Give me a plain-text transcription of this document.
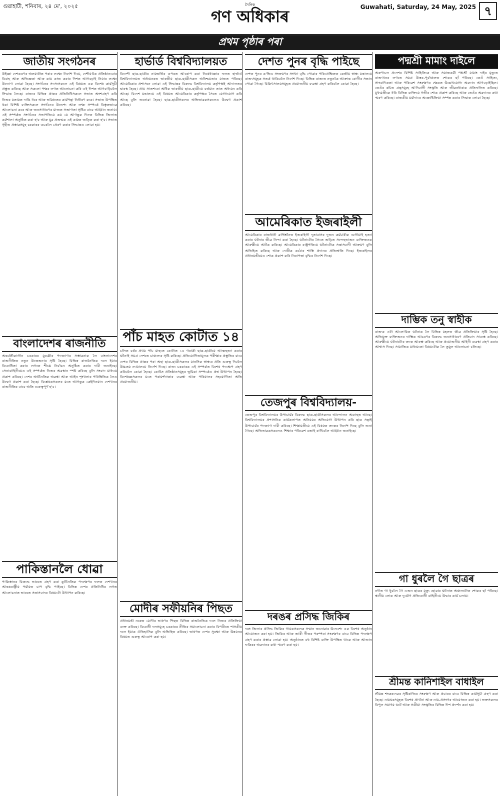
গুৱাহাটী, শনিবাৰ, ২৪ মে', ২০২৫	দৈনিক
গণ অধিকাৰ	Guwahati, Saturday, 24 May, 2025 ৭
প্ৰথম পৃষ্ঠাৰ পৰা
জাতীয় সংগঠনৰ
উইজ্ঞা দেশকৰণৰ অলমাৰীত পৰাৰ লক্ষ্যে নিৰ্দেশ দিয়ে, দেশীয়াকৈ প্ৰতিষ্ঠানবোৰ বিবাহ আৰু অভিজ্ঞতা আৰু কাম কাজ কৰাৰ দিশত আগবঢ়াই নিয়াৰ লক্ষ্যে উদ্যোগ লোৱা হৈছে। সংগঠনৰ সদস্যসকলে এই বিষয়ত এক বিশেষ কাৰ্যসূচী প্ৰস্তুত কৰিছে আৰু সকলো পক্ষৰ লগত আলোচনা কৰি এই দিশত আগবাঢ়িবলৈ সিদ্ধান্ত লৈছে। ৰাজ্যৰ বিভিন্ন প্ৰান্তৰ প্ৰতিনিধিসকলে সভাত অংশগ্ৰহণ কৰি নিজৰ মতামত দাঙি ধৰে আৰু ভৱিষ্যতৰ কাৰ্যপন্থা নিৰ্ধাৰণ কৰে। সভাত উপস্থিত থকা বিশিষ্ট ব্যক্তিসকলে সংগঠনৰ উদ্দেশ্য আৰু লক্ষ্য সম্পৰ্কে বিস্তৃতভাৱে আলোচনা কৰে আৰু জনসাধাৰণৰ মাজত সজাগতা সৃষ্টিৰ বাবে আহ্বান জনায়। এই সম্পৰ্কত সংগঠনৰ সভাপতিয়ে কয় যে আগন্তুক দিনত বিভিন্ন জিলাত কৰ্মশালা অনুষ্ঠিত কৰা হ'ব আৰু যুৱ প্ৰজন্মক এই কামত জড়িত কৰা হ'ব। সভাত গৃহীত প্ৰস্তাৱসমূহ চৰকাৰৰ ওচৰলৈ প্ৰেৰণ কৰাৰ সিদ্ধান্তও লোৱা হয়।
বাংলাদেশৰ ৰাজনীতি
অন্তৰ্বৰ্তীকালীন চৰকাৰৰ মুৰব্বীৰ পদত্যাগৰ সম্ভাৱনাক লৈ বাংলাদেশৰ ৰাজনীতিত নতুন উত্তেজনাৰ সৃষ্টি হৈছে। বিভিন্ন ৰাজনৈতিক দলে ইয়াৰ বিৰোধিতা কৰাৰ লগতে শীঘ্ৰে নিৰ্বাচন অনুষ্ঠিত কৰাৰ দাবী জনাইছে। সেনাবাহিনীয়েও এই সম্পৰ্কত নিজৰ অৱস্থান স্পষ্ট কৰিছে বুলি সংবাদ মাধ্যমে প্ৰকাশ কৰিছে। দেশৰ অৰ্থনৈতিক অৱস্থা আৰু আইন শৃংখলাৰ পৰিস্থিতিক লৈও উদ্বেগ প্ৰকাশ কৰা হৈছে। বিশ্লেষকসকলৰ মতে আগন্তুক কেইদিনমান দেশখনৰ ৰাজনীতিৰ বাবে অতি গুৰুত্বপূৰ্ণ হ'ব।
পাকিস্তানলৈ ধোৱা
পাকিস্তানৰ বিৰুদ্ধে ভাৰতে গ্ৰহণ কৰা কূটনৈতিক পদক্ষেপৰ ফলত দেশখনৰ আন্তঃৰাষ্ট্ৰীয় পৰ্যায়ত চাপ বৃদ্ধি পাইছে। বিভিন্ন দেশৰ প্ৰতিনিধিৰ লগত আলোচনাত ভাৰতে সন্ত্ৰাসবাদৰ বিষয়টো উত্থাপন কৰিছে।
হাৰ্ভাৰ্ড বিশ্ববিদ্যালয়ত
বিদেশী ছাত্ৰ-ছাত্ৰীৰ নামভৰ্তিৰ ওপৰত আৰোপ কৰা নিষেধাজ্ঞাৰ ফলত হাৰ্ভাৰ্ড বিশ্ববিদ্যালয়ত অধ্যয়নৰত ভাৰতীয় ছাত্ৰ-ছাত্ৰীসকল অনিশ্চয়তাৰ মাজত পৰিছে। আমেৰিকাৰ প্ৰশাসনে লোৱা এই সিদ্ধান্তৰ বিৰুদ্ধে বিশ্ববিদ্যালয় কৰ্তৃপক্ষই আদালতৰ দ্বাৰস্থ হৈছে। প্ৰায় সাতশৰো অধিক ভাৰতীয় ছাত্ৰ-ছাত্ৰীয়ে বৰ্তমান তাত অধ্যয়ন কৰি আছে। বিদেশ মন্ত্ৰালয়ে এই বিষয়ত আমেৰিকাৰ কৰ্তৃপক্ষৰ সৈতে যোগাযোগ কৰি আছে বুলি জনোৱা হৈছে। ছাত্ৰ-ছাত্ৰীসকলৰ অভিভাৱকসকলেও উদ্বেগ প্ৰকাশ কৰিছে।
পাঁচ মাহত কোটাত ১৪
চলিত বৰ্ষৰ প্ৰথম পাঁচ মাহতে কোটাত ১৪ গৰাকী ছাত্ৰ-ছাত্ৰীয়ে আত্মহত্যা কৰাৰ ঘটনাই সমগ্ৰ দেশতে চাঞ্চল্যৰ সৃষ্টি কৰিছে। প্ৰতিযোগিতামূলক পৰীক্ষাৰ প্ৰস্তুতিৰ বাবে দেশৰ বিভিন্ন প্ৰান্তৰ পৰা অহা ছাত্ৰ-ছাত্ৰীসকলৰ মানসিক স্বাস্থ্যৰ প্ৰতি গুৰুত্ব দিবলৈ উচ্চতম ন্যায়ালয়ে নিৰ্দেশ দিছে। ৰাজ্য চৰকাৰক এই সম্পৰ্কত বিশেষ পদক্ষেপ গ্ৰহণ কৰিবলৈ কোৱা হৈছে। কোচিং প্ৰতিষ্ঠানসমূহৰ ভূমিকা সম্পৰ্কেও প্ৰশ্ন উত্থাপন হৈছে। বিশেষজ্ঞসকলৰ মতে পৰামৰ্শদাতাৰ ব্যৱস্থা আৰু পৰিয়ালৰ সহযোগিতা অতি প্ৰয়োজনীয়।
মোদীৰ সফীয়নিৰ পিছত
প্ৰধানমন্ত্ৰী নৰেন্দ্ৰ মোদীৰ ভাষণৰ পিছত বিভিন্ন ৰাজনৈতিক দলে নিজৰ প্ৰতিক্ৰিয়া ব্যক্ত কৰিছে। বিৰোধী দলসমূহে চৰকাৰৰ নীতিৰ সমালোচনা কৰাৰ বিপৰীতে শাসকীয় দলে ইয়াক ঐতিহাসিক বুলি অভিহিত কৰিছে। ভাষণত দেশৰ সুৰক্ষা আৰু উন্নয়নৰ বিষয়ত গুৰুত্ব আৰোপ কৰা হয়।
দেশত পুনৰ বৃদ্ধি পাইছে
দেশত পুনৰ ক'ভিড সংক্ৰমণৰ সংখ্যা বৃদ্ধি পোৱাৰ পৰিপ্ৰেক্ষিতত কেন্দ্ৰীয় স্বাস্থ্য মন্ত্ৰালয়ে ৰাজ্যসমূহক সতৰ্ক থাকিবলৈ নিৰ্দেশ দিছে। বিভিন্ন ৰাজ্যত নতুনকৈ আক্ৰান্ত ৰোগীৰ সন্ধান পোৱা গৈছে। চিকিৎসালয়সমূহত প্ৰয়োজনীয় ব্যৱস্থা গ্ৰহণ কৰিবলৈ কোৱা হৈছে।
আমেৰিকাত ইজৰাইলী
আমেৰিকাৰ ৰাজধানী ৱাশ্বিংটনত ইজৰাইলী দূতাবাসৰ দুজন কৰ্মচাৰীক গুলীয়াই হত্যা কৰাৰ ঘটনাৰ তীব্ৰ নিন্দা কৰা হৈছে। ঘটনাটোৰ সৈতে জড়িত সন্দেহভাজন ব্যক্তিজনক আৰক্ষীয়ে আটক কৰিছে। আমেৰিকাৰ ৰাষ্ট্ৰপতিয়ে ঘটনাটোক সন্ত্ৰাসবাদী আক্ৰমণ বুলি অভিহিত কৰিছে আৰু দোষীক কঠোৰ শাস্তি প্ৰদানৰ প্ৰতিশ্ৰুতি দিছে। ইজৰাইলৰ প্ৰধানমন্ত্ৰীয়েও শোক প্ৰকাশ কৰি নিৰাপত্তা বৃদ্ধিৰ নিৰ্দেশ দিছে।
তেজপুৰ বিশ্ববিদ্যালয়-
তেজপুৰ বিশ্ববিদ্যালয়ৰ উপাচাৰ্যৰ বিৰুদ্ধে ছাত্ৰ-ছাত্ৰীসকলৰ আন্দোলন অব্যাহত আছে। বিশ্ববিদ্যালয়ৰ প্ৰশাসনিক কাৰ্যকলাপত অনিয়মৰ অভিযোগ উত্থাপন কৰি ছাত্ৰ সন্থাই উপাচাৰ্যৰ পদত্যাগ দাবী কৰিছে। শিক্ষামন্ত্ৰীয়ে এই বিষয়ত তদন্তৰ নিৰ্দেশ দিছে বুলি জনা গৈছে। অভিভাৱকসকলেও শিক্ষাৰ পৰিৱেশ বজাই ৰাখিবলৈ আহ্বান জনাইছে।
দৰঙৰ প্ৰসিদ্ধ জিকিৰ
দৰং জিলাৰ প্ৰসিদ্ধ জিকিৰ গায়কসকলক সন্মান জনোৱাৰ উদ্দেশ্যে এক বিশেষ অনুষ্ঠান আয়োজন কৰা হয়। জিকিৰ আৰু জাৰী গীতৰ পৰম্পৰা সংৰক্ষণৰ বাবে বিভিন্ন পদক্ষেপ গ্ৰহণ কৰাৰ প্ৰস্তাৱ লোৱা হয়। অনুষ্ঠানত বহু বিশিষ্ট ব্যক্তি উপস্থিত থাকে আৰু আজান ফকিৰৰ অৱদানৰ কথা স্মৰণ কৰা হয়।
পদ্মশ্ৰী মামাং দাইলে
অৰুণাচল প্ৰদেশৰ বিশিষ্ট সাহিত্যিক আৰু সমাজকৰ্মী পদ্মশ্ৰী মামাং দাইৰ মৃত্যুত ৰাজ্যখনৰ লগতে সমগ্ৰ উত্তৰ-পূৰ্বাঞ্চলত শোকৰ ছাঁ পৰিছে। তেওঁ সাহিত্য, সাংবাদিকতা আৰু পৰিৱেশ সংৰক্ষণৰ ক্ষেত্ৰত উল্লেখযোগ্য অৱদান আগবঢ়াইছিল। তেওঁৰ ৰচিত গ্ৰন্থসমূহে আদিবাসী সংস্কৃতি আৰু জীৱনধাৰাক প্ৰতিফলিত কৰিছে। মুখ্যমন্ত্ৰীকে ধৰি বিভিন্ন ব্যক্তিয়ে গভীৰ শোক প্ৰকাশ কৰিছে আৰু তেওঁৰ অৱদানৰ কথা স্মৰণ কৰিছে। ৰাজকীয় মৰ্যাদাৰে অন্ত্যেষ্টিক্ৰিয়া সম্পন্ন কৰাৰ সিদ্ধান্ত লোৱা হৈছে।
দাম্ভিক তনু স্বাহীক
ৰাজ্যৰ এটা আলোচিত ঘটনাক লৈ বিভিন্ন মহলত তীব্ৰ প্ৰতিক্ৰিয়াৰ সৃষ্টি হৈছে। অভিযুক্ত ব্যক্তিজনৰ দাম্ভিক আচৰণৰ বিৰুদ্ধে জনসাধাৰণে প্ৰতিবাদ সাব্যস্ত কৰিছে। আৰক্ষীয়ে ঘটনাটোৰ তদন্ত আৰম্ভ কৰিছে আৰু প্ৰয়োজনীয় আইনী ব্যৱস্থা গ্ৰহণ কৰাৰ আশ্বাস দিছে। সামাজিক মাধ্যমতো বিষয়টোক লৈ তুমুল আলোচনা চলিছে।
গা ধুৰলৈ গৈ ছাত্ৰৰ
নদীত গা ধুবলৈ গৈ এজন ছাত্ৰৰ মৃত্যু হোৱাৰ ঘটনাত অঞ্চলটোত শোকৰ ছাঁ পৰিছে। স্থানীয় লোক আৰু দুৰ্যোগ প্ৰতিৰোধী বাহিনীয়ে উদ্ধাৰ কাৰ্য চলায়।
শ্ৰীমন্ত কানিশাইল বাধাইল
শ্ৰীমন্ত শংকৰদেৱৰ সৃষ্টিৰাজিৰ সংৰক্ষণ আৰু প্ৰচাৰৰ বাবে বিভিন্ন কাৰ্যসূচী গ্ৰহণ কৰা হৈছে। নামঘৰসমূহত বিশেষ প্ৰাৰ্থনা আৰু নাম-প্ৰসংগৰ আয়োজন কৰা হয়। ভক্তসকলৰ বিপুল সমাগম ঘটে আৰু সত্ৰীয়া সংস্কৃতিৰ বিভিন্ন দিশ প্ৰদৰ্শন কৰা হয়।
